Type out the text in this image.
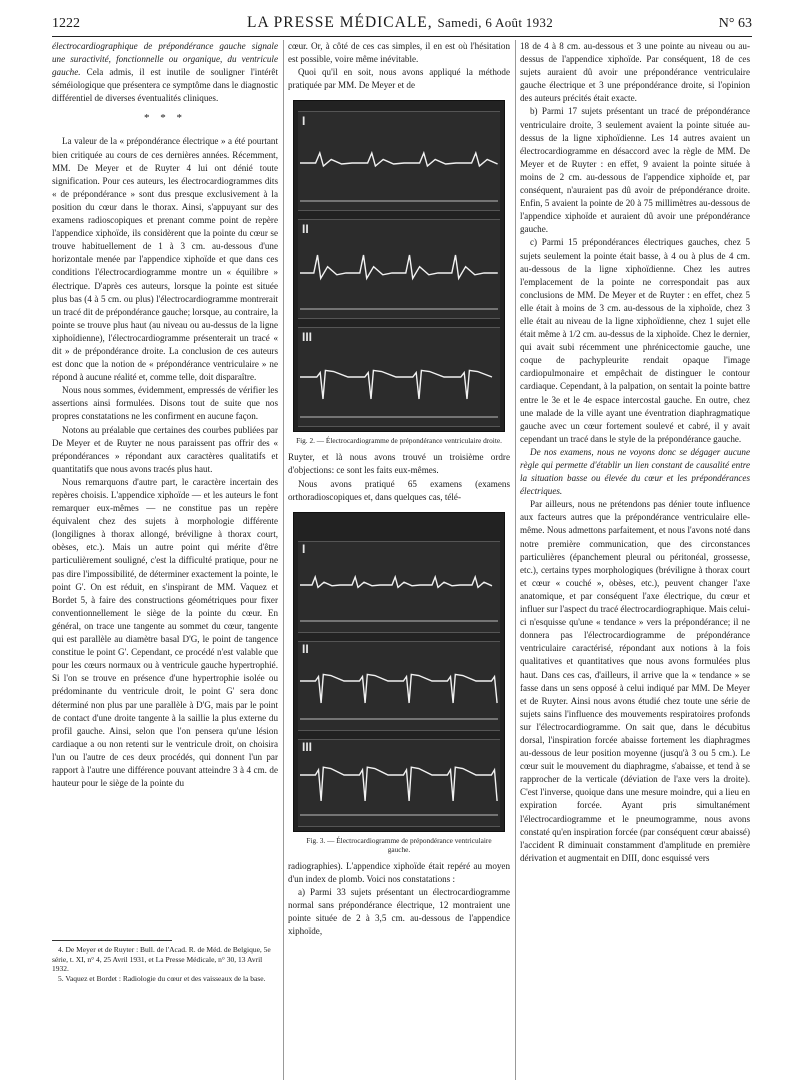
1222	LA PRESSE MÉDICALE, Samedi, 6 Août 1932	N° 63

électrocardiographique de prépondérance gauche signale une suractivité, fonctionnelle ou organique, du ventricule gauche. Cela admis, il est inutile de souligner l'intérêt séméiologique que présentera ce symptôme dans le diagnostic différentiel de diverses éventualités cliniques.

* * *

La valeur de la « prépondérance électrique » a été pourtant bien critiquée au cours de ces dernières années. Récemment, MM. De Meyer et de Ruyter 4 lui ont dénié toute signification. Pour ces auteurs, les électrocardiogrammes dits « de prépondérance » sont dus presque exclusivement à la position du cœur dans le thorax. Ainsi, s'appuyant sur des examens radioscopiques et prenant comme point de repère l'appendice xiphoïde, ils considèrent que la pointe du cœur se trouve habituellement de 1 à 3 cm. au-dessous d'une horizontale menée par l'appendice xiphoïde et que dans ces conditions l'électrocardiogramme montre un « équilibre » électrique. D'après ces auteurs, lorsque la pointe est située plus bas (4 à 5 cm. ou plus) l'électrocardiogramme montrerait un tracé dit de prépondérance gauche; lorsque, au contraire, la pointe se trouve plus haut (au niveau ou au-dessus de la ligne xiphoïdienne), l'électrocardiogramme présenterait un tracé « dit » de prépondérance droite. La conclusion de ces auteurs est donc que la notion de « prépondérance ventriculaire » ne répond à aucune réalité et, comme telle, doit disparaître.

Nous nous sommes, évidemment, empressés de vérifier les assertions ainsi formulées. Disons tout de suite que nos propres constatations ne les confirment en aucune façon.

Notons au préalable que certaines des courbes publiées par De Meyer et de Ruyter ne nous paraissent pas offrir des « prépondérances » répondant aux caractères qualitatifs et quantitatifs que nous avons tracés plus haut.

Nous remarquons d'autre part, le caractère incertain des repères choisis. L'appendice xiphoïde — et les auteurs le font remarquer eux-mêmes — ne constitue pas un repère équivalent chez des sujets à morphologie différente (longilignes à thorax allongé, bréviligne à thorax court, obèses, etc.). Mais un autre point qui mérite d'être particulièrement souligné, c'est la difficulté pratique, pour ne pas dire l'impossibilité, de déterminer exactement la pointe, le point G'. On est réduit, en s'inspirant de MM. Vaquez et Bordet 5, à faire des constructions géométriques pour fixer conventionnellement le siège de la pointe du cœur. En général, on trace une tangente au sommet du cœur, tangente qui est parallèle au diamètre basal D'G, le point de tangence constitue le point G'. Cependant, ce procédé n'est valable que pour les cœurs normaux ou à ventricule gauche hypertrophié. Si l'on se trouve en présence d'une hypertrophie isolée ou prédominante du ventricule droit, le point G' sera donc déterminé non plus par une parallèle à D'G, mais par le point de contact d'une droite tangente à la saillie la plus externe du profil gauche. Ainsi, selon que l'on pensera qu'une lésion cardiaque a ou non retenti sur le ventricule droit, on choisira l'un ou l'autre de ces deux procédés, qui donnent l'un par rapport à l'autre une différence pouvant atteindre 3 à 4 cm. de hauteur pour le siège de la pointe du

4. De Meyer et de Ruyter : Bull. de l'Acad. R. de Méd. de Belgique, 5e série, t. XI, n° 4, 25 Avril 1931, et La Presse Médicale, n° 30, 13 Avril 1932.

5. Vaquez et Bordet : Radiologie du cœur et des vaisseaux de la base.

cœur. Or, à côté de ces cas simples, il en est où l'hésitation est possible, voire même inévitable.

Quoi qu'il en soit, nous avons appliqué la méthode pratiquée par MM. De Meyer et de

I
II
III
Fig. 2. — Électrocardiogramme de prépondérance ventriculaire droite.

Ruyter, et là nous avons trouvé un troisième ordre d'objections: ce sont les faits eux-mêmes.

Nous avons pratiqué 65 examens (examens orthoradioscopiques et, dans quelques cas, télé-

I
II
III
Fig. 3. — Électrocardiogramme de prépondérance ventriculaire gauche.

radiographies). L'appendice xiphoïde était repéré au moyen d'un index de plomb. Voici nos constatations :

a) Parmi 33 sujets présentant un électrocardiogramme normal sans prépondérance électrique, 12 montraient une pointe située de 2 à 3,5 cm. au-dessous de l'appendice xiphoïde,

18 de 4 à 8 cm. au-dessous et 3 une pointe au niveau ou au-dessus de l'appendice xiphoïde. Par conséquent, 18 de ces sujets auraient dû avoir une prépondérance ventriculaire gauche électrique et 3 une prépondérance droite, si l'opinion des auteurs précités était exacte.

b) Parmi 17 sujets présentant un tracé de prépondérance ventriculaire droite, 3 seulement avaient la pointe située au-dessus de la ligne xiphoïdienne. Les 14 autres avaient un électrocardiogramme en désaccord avec la règle de MM. De Meyer et de Ruyter : en effet, 9 avaient la pointe située à moins de 2 cm. au-dessous de l'appendice xiphoïde et, par conséquent, n'auraient pas dû avoir de prépondérance droite. Enfin, 5 avaient la pointe de 20 à 75 millimètres au-dessous de l'appendice xiphoïde et auraient dû avoir une prépondérance gauche.

c) Parmi 15 prépondérances électriques gauches, chez 5 sujets seulement la pointe était basse, à 4 ou à plus de 4 cm. au-dessous de la ligne xiphoïdienne. Chez les autres l'emplacement de la pointe ne correspondait pas aux conclusions de MM. De Meyer et de Ruyter : en effet, chez 5 elle était à moins de 3 cm. au-dessous de la xiphoïde, chez 3 elle était au niveau de la ligne xiphoïdienne, chez 1 sujet elle était même à 1/2 cm. au-dessus de la xiphoïde. Chez le dernier, qui avait subi récemment une phrénicectomie gauche, une coque de pachypleurite rendait opaque l'image cardiopulmonaire et empêchait de distinguer le contour cardiaque. Cependant, à la palpation, on sentait la pointe battre entre le 3e et le 4e espace intercostal gauche. En outre, chez une malade de la ville ayant une éventration diaphragmatique gauche avec un cœur fortement soulevé et cabré, il y avait cependant un tracé dans le style de la prépondérance gauche.

De nos examens, nous ne voyons donc se dégager aucune règle qui permette d'établir un lien constant de causalité entre la situation basse ou élevée du cœur et les prépondérances électriques.

Par ailleurs, nous ne prétendons pas dénier toute influence aux facteurs autres que la prépondérance ventriculaire elle-même. Nous admettons parfaitement, et nous l'avons noté dans notre première communication, que des circonstances particulières (épanchement pleural ou péritonéal, grossesse, etc.), certains types morphologiques (bréviligne à thorax court et cœur « couché », obèses, etc.), peuvent changer l'axe anatomique, et par conséquent l'axe électrique, du cœur et influer sur l'aspect du tracé électrocardiographique. Mais celui-ci n'esquisse qu'une « tendance » vers la prépondérance; il ne donnera pas l'électrocardiogramme de prépondérance ventriculaire caractérisé, répondant aux notions à la fois qualitatives et quantitatives que nous avons formulées plus haut. Dans ces cas, d'ailleurs, il arrive que la « tendance » se fasse dans un sens opposé à celui indiqué par MM. De Meyer et de Ruyter. Ainsi nous avons étudié chez toute une série de sujets sains l'influence des mouvements respiratoires profonds sur l'électrocardiogramme. On sait que, dans le décubitus dorsal, l'inspiration forcée abaisse fortement les diaphragmes au-dessous de leur position moyenne (jusqu'à 3 ou 5 cm.). Le cœur suit le mouvement du diaphragme, s'abaisse, et tend à se rapprocher de la verticale (déviation de l'axe vers la droite). C'est l'inverse, quoique dans une mesure moindre, qui a lieu en expiration forcée. Ayant pris simultanément l'électrocardiogramme et le pneumogramme, nous avons constaté qu'en inspiration forcée (par conséquent cœur abaissé) l'accident R diminuait constamment d'amplitude en première dérivation et augmentait en DIII, donc esquissé vers
